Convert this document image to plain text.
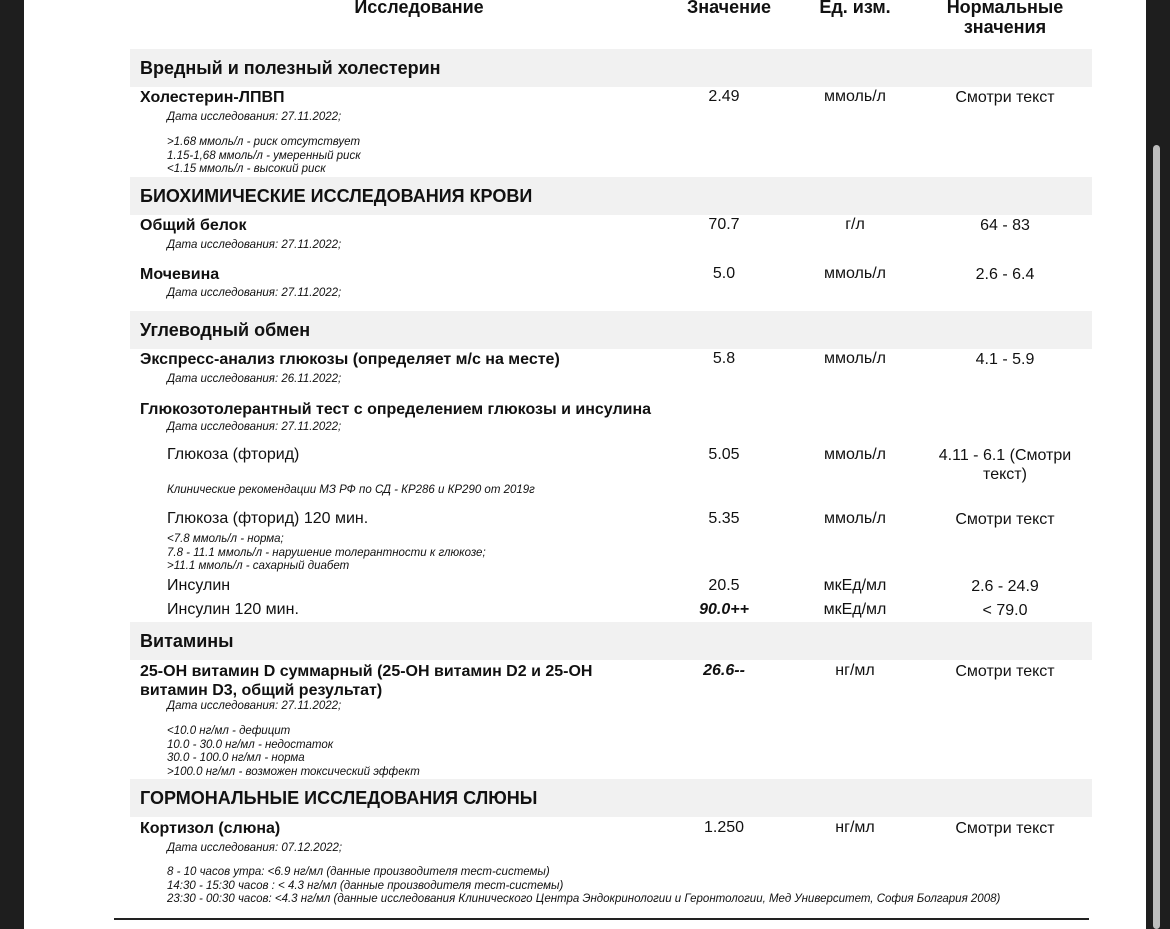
Исследование	Значение	Ед. изм.	Нормальные
значения
Вредный и полезный холестерин
Холестерин-ЛПВП	2.49	ммоль/л	Смотри текст
Дата исследования: 27.11.2022;
>1.68 ммоль/л - риск отсутствует
1.15-1,68 ммоль/л - умеренный риск
<1.15 ммоль/л - высокий риск
БИОХИМИЧЕСКИЕ ИССЛЕДОВАНИЯ КРОВИ
Общий белок	70.7	г/л	64 - 83
Дата исследования: 27.11.2022;
Мочевина	5.0	ммоль/л	2.6 - 6.4
Дата исследования: 27.11.2022;
Углеводный обмен
Экспресс-анализ глюкозы (определяет м/с на месте)	5.8	ммоль/л	4.1 - 5.9
Дата исследования: 26.11.2022;
Глюкозотолерантный тест с определением глюкозы и инсулина
Дата исследования: 27.11.2022;
Глюкоза (фторид)	5.05	ммоль/л	4.11 - 6.1 (Смотри
текст)
Клинические рекомендации МЗ РФ по СД - КР286 и КР290 от 2019г
Глюкоза (фторид) 120 мин.	5.35	ммоль/л	Смотри текст
<7.8 ммоль/л - норма;
7.8 - 11.1 ммоль/л - нарушение толерантности к глюкозе;
>11.1 ммоль/л - сахарный диабет
Инсулин	20.5	мкЕд/мл	2.6 - 24.9
Инсулин 120 мин.	90.0++	мкЕд/мл	< 79.0
Витамины
25-ОН витамин D суммарный (25-ОН витамин D2 и 25-ОН
витамин D3, общий результат)
26.6--	нг/мл	Смотри текст
Дата исследования: 27.11.2022;
<10.0 нг/мл - дефицит
10.0 - 30.0 нг/мл - недостаток
30.0 - 100.0 нг/мл - норма
>100.0 нг/мл - возможен токсический эффект
ГОРМОНАЛЬНЫЕ ИССЛЕДОВАНИЯ СЛЮНЫ
Кортизол (слюна)	1.250	нг/мл	Смотри текст
Дата исследования: 07.12.2022;
8 - 10 часов утра: <6.9 нг/мл (данные производителя тест-системы)
14:30 - 15:30 часов : < 4.3 нг/мл (данные производителя тест-системы)
23:30 - 00:30 часов: <4.3 нг/мл (данные исследования Клинического Центра Эндокринологии и Геронтологии, Мед Университет, София Болгария 2008)
